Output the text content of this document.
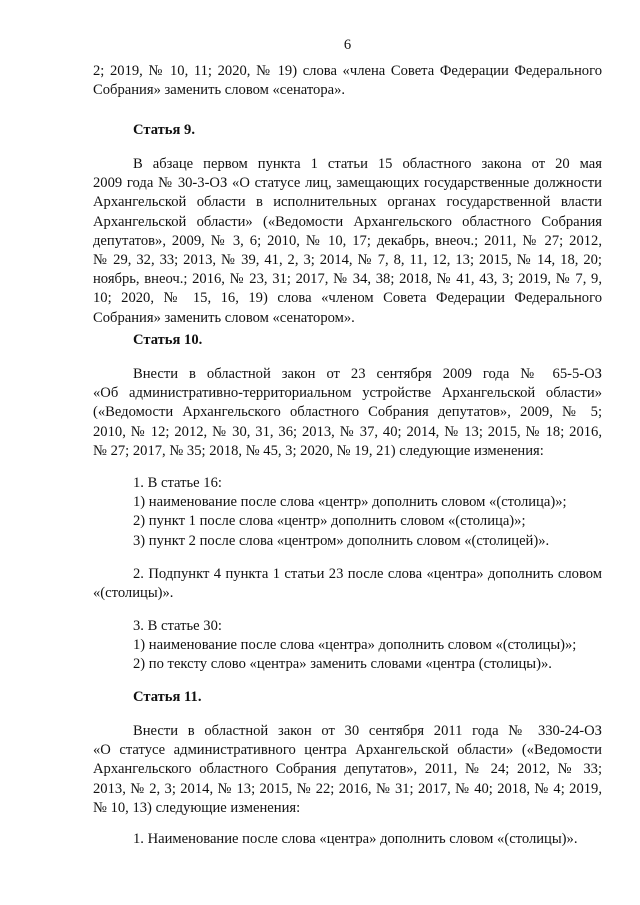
6
2; 2019, № 10, 11; 2020, № 19) слова «члена Совета Федерации Федерального
Собрания» заменить словом «сенатора».
Статья 9.
В абзаце первом пункта 1 статьи 15 областного закона от 20 мая
2009 года № 30-3-ОЗ «О статусе лиц, замещающих государственные должности
Архангельской области в исполнительных органах государственной власти
Архангельской области» («Ведомости Архангельского областного Собрания
депутатов», 2009, № 3, 6; 2010, № 10, 17; декабрь, внеоч.; 2011, № 27; 2012,
№ 29, 32, 33; 2013, № 39, 41, 2, 3; 2014, № 7, 8, 11, 12, 13; 2015, № 14, 18, 20;
ноябрь, внеоч.; 2016, № 23, 31; 2017, № 34, 38; 2018, № 41, 43, 3; 2019, № 7, 9,
10; 2020, № 15, 16, 19) слова «членом Совета Федерации Федерального
Собрания» заменить словом «сенатором».
Статья 10.
Внести в областной закон от 23 сентября 2009 года № 65-5-ОЗ
«Об административно-территориальном устройстве Архангельской области»
(«Ведомости Архангельского областного Собрания депутатов», 2009, № 5;
2010, № 12; 2012, № 30, 31, 36; 2013, № 37, 40; 2014, № 13; 2015, № 18; 2016,
№ 27; 2017, № 35; 2018, № 45, 3; 2020, № 19, 21) следующие изменения:
1. В статье 16:
1) наименование после слова «центр» дополнить словом «(столица)»;
2) пункт 1 после слова «центр» дополнить словом «(столица)»;
3) пункт 2 после слова «центром» дополнить словом «(столицей)».
2. Подпункт 4 пункта 1 статьи 23 после слова «центра» дополнить словом
«(столицы)».
3. В статье 30:
1) наименование после слова «центра» дополнить словом «(столицы)»;
2) по тексту слово «центра» заменить словами «центра (столицы)».
Статья 11.
Внести в областной закон от 30 сентября 2011 года № 330-24-ОЗ
«О статусе административного центра Архангельской области» («Ведомости
Архангельского областного Собрания депутатов», 2011, № 24; 2012, № 33;
2013, № 2, 3; 2014, № 13; 2015, № 22; 2016, № 31; 2017, № 40; 2018, № 4; 2019,
№ 10, 13) следующие изменения:
1. Наименование после слова «центра» дополнить словом «(столицы)».
